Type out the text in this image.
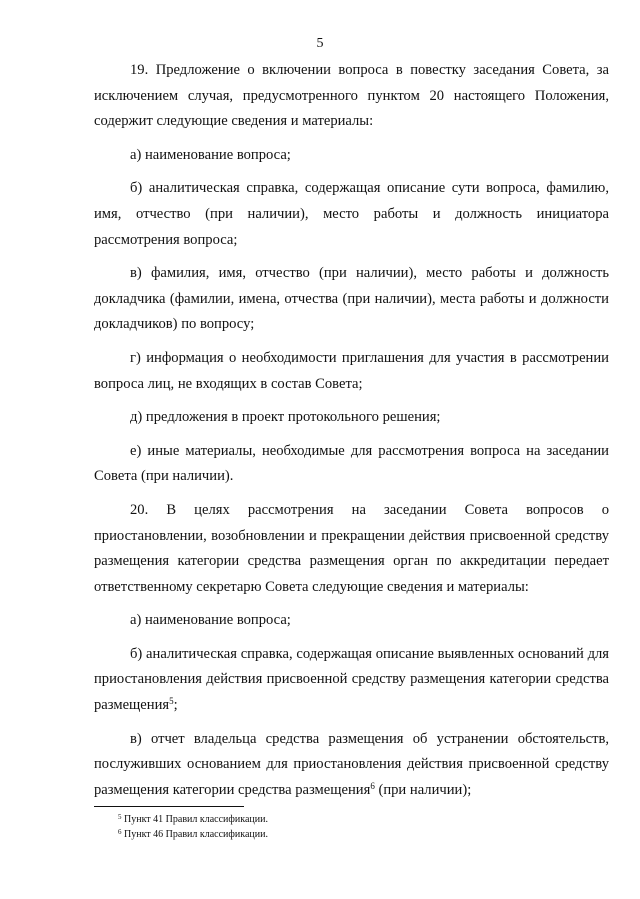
5

19. Предложение о включении вопроса в повестку заседания Совета, за исключением случая, предусмотренного пунктом 20 настоящего Положения, содержит следующие сведения и материалы:

а) наименование вопроса;

б) аналитическая справка, содержащая описание сути вопроса, фамилию, имя, отчество (при наличии), место работы и должность инициатора рассмотрения вопроса;

в) фамилия, имя, отчество (при наличии), место работы и должность докладчика (фамилии, имена, отчества (при наличии), места работы и должности докладчиков) по вопросу;

г) информация о необходимости приглашения для участия в рассмотрении вопроса лиц, не входящих в состав Совета;

д) предложения в проект протокольного решения;

е) иные материалы, необходимые для рассмотрения вопроса на заседании Совета (при наличии).

20. В целях рассмотрения на заседании Совета вопросов о приостановлении, возобновлении и прекращении действия присвоенной средству размещения категории средства размещения орган по аккредитации передает ответственному секретарю Совета следующие сведения и материалы:

а) наименование вопроса;

б) аналитическая справка, содержащая описание выявленных оснований для приостановления действия присвоенной средству размещения категории средства размещения$^5$;

в) отчет владельца средства размещения об устранении обстоятельств, послуживших основанием для приостановления действия присвоенной средству размещения категории средства размещения$^6$ (при наличии);

$^5$ Пункт 41 Правил классификации.
$^6$ Пункт 46 Правил классификации.
